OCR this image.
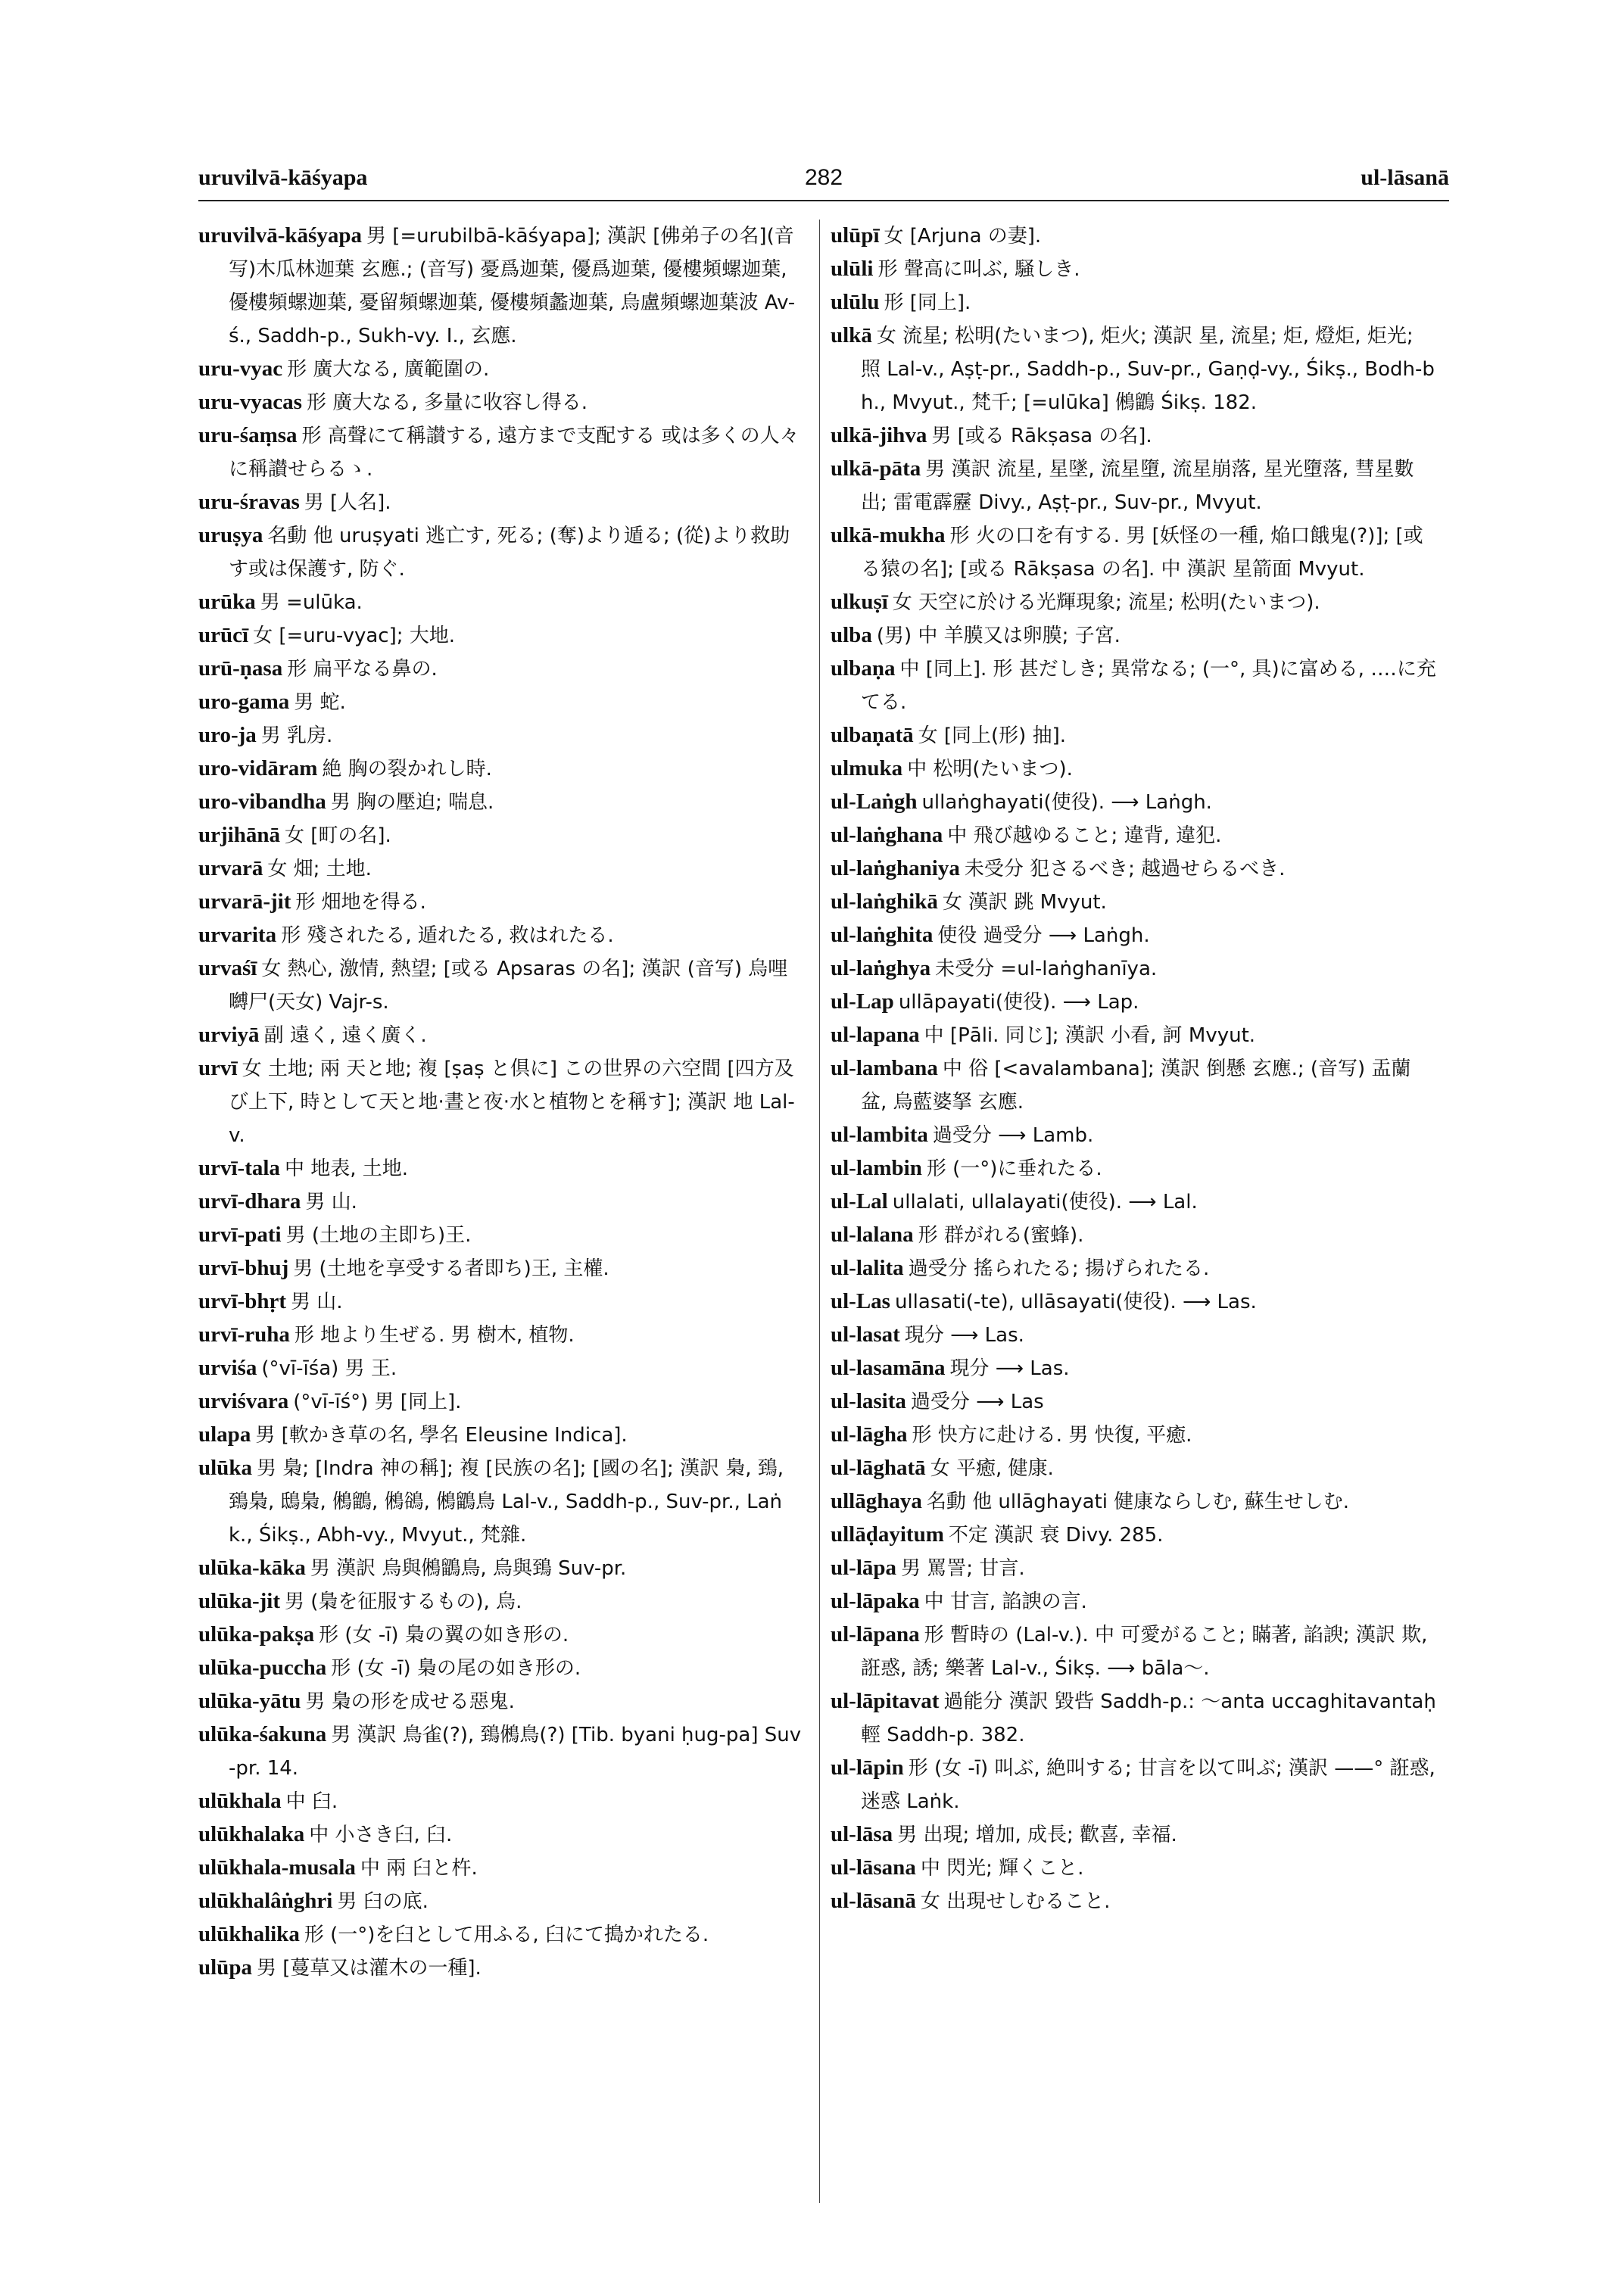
uruvilvā-kāśyapa	282	ul-lāsanā

uruvilvā-kāśyapa 男 [=urubilbā-kāśyapa]; 漢訳 [佛弟子の名](音写)木瓜林迦葉 玄應.; (音写) 憂爲迦葉, 優爲迦葉, 優樓頻螺迦葉, 優樓頻螺迦葉, 憂留頻螺迦葉, 優樓頻蠡迦葉, 烏盧頻螺迦葉波 Av-ś., Saddh-p., Sukh-vy. I., 玄應.

uru-vyac 形 廣大なる, 廣範圍の.

uru-vyacas 形 廣大なる, 多量に收容し得る.

uru-śaṃsa 形 高聲にて稱讃する, 遠方まで支配する 或は多くの人々に稱讃せらるゝ.

uru-śravas 男 [人名].

uruṣya 名動 他 uruṣyati 逃亡す, 死る; (奪)より遁る; (從)より救助す或は保護す, 防ぐ.

urūka 男 =ulūka.

urūcī 女 [=uru-vyac]; 大地.

urū-ṇasa 形 扁平なる鼻の.

uro-gama 男 蛇.

uro-ja 男 乳房.

uro-vidāram 絶 胸の裂かれし時.

uro-vibandha 男 胸の壓迫; 喘息.

urjihānā 女 [町の名].

urvarā 女 畑; 土地.

urvarā-jit 形 畑地を得る.

urvarita 形 殘されたる, 遁れたる, 救はれたる.

urvaśī 女 熱心, 激情, 熱望; [或る Apsaras の名]; 漢訳 (音写) 烏哩嚩尸(天女) Vajr-s.

urviyā 副 遠く, 遠く廣く.

urvī 女 土地; 兩 天と地; 複 [ṣaṣ と倶に] この世界の六空間 [四方及び上下, 時として天と地·晝と夜·水と植物とを稱す]; 漢訳 地 Lal-v.

urvī-tala 中 地表, 土地.

urvī-dhara 男 山.

urvī-pati 男 (土地の主即ち)王.

urvī-bhuj 男 (土地を享受する者即ち)王, 主權.

urvī-bhṛt 男 山.

urvī-ruha 形 地より生ぜる. 男 樹木, 植物.

urviśa (°vī-īśa) 男 王.

urviśvara (°vī-īś°) 男 [同上].

ulapa 男 [軟かき草の名, 學名 Eleusine Indica].

ulūka 男 梟; [Indra 神の稱]; 複 [民族の名]; [國の名]; 漢訳 梟, 鵄, 鵄梟, 鴟梟, 鵂鶹, 鵂鵒, 鵂鶹鳥 Lal-v., Saddh-p., Suv-pr., Laṅk., Śikṣ., Abh-vy., Mvyut., 梵雜.

ulūka-kāka 男 漢訳 烏與鵂鶹鳥, 烏與鵄 Suv-pr.

ulūka-jit 男 (梟を征服するもの), 烏.

ulūka-pakṣa 形 (女 -ī) 梟の翼の如き形の.

ulūka-puccha 形 (女 -ī) 梟の尾の如き形の.

ulūka-yātu 男 梟の形を成せる惡鬼.

ulūka-śakuna 男 漢訳 鳥雀(?), 鵄鵂鳥(?) [Tib. byani ḥug-pa] Suv-pr. 14.

ulūkhala 中 臼.

ulūkhalaka 中 小さき臼, 臼.

ulūkhala-musala 中 兩 臼と杵.

ulūkhalâṅghri 男 臼の底.

ulūkhalika 形 (一°)を臼として用ふる, 臼にて搗かれたる.

ulūpa 男 [蔓草又は灌木の一種].

ulūpī 女 [Arjuna の妻].

ulūli 形 聲高に叫ぶ, 騒しき.

ulūlu 形 [同上].

ulkā 女 流星; 松明(たいまつ), 炬火; 漢訳 星, 流星; 炬, 燈炬, 炬光; 照 Lal-v., Aṣṭ-pr., Saddh-p., Suv-pr., Gaṇḍ-vy., Śikṣ., Bodh-bh., Mvyut., 梵千; [=ulūka] 鵂鶹 Śikṣ. 182.

ulkā-jihva 男 [或る Rākṣasa の名].

ulkā-pāta 男 漢訳 流星, 星墜, 流星墮, 流星崩落, 星光墮落, 彗星數出; 雷電霹靂 Divy., Aṣṭ-pr., Suv-pr., Mvyut.

ulkā-mukha 形 火の口を有する. 男 [妖怪の一種, 焔口餓鬼(?)]; [或る猿の名]; [或る Rākṣasa の名]. 中 漢訳 星箭面 Mvyut.

ulkuṣī 女 天空に於ける光輝現象; 流星; 松明(たいまつ).

ulba (男) 中 羊膜又は卵膜; 子宮.

ulbaṇa 中 [同上]. 形 甚だしき; 異常なる; (一°, 具)に富める, ‥‥に充てる.

ulbaṇatā 女 [同上(形) 抽].

ulmuka 中 松明(たいまつ).

ul-Laṅgh ullaṅghayati(使役). ⟶ Laṅgh.

ul-laṅghana 中 飛び越ゆること; 違背, 違犯.

ul-laṅghaniya 未受分 犯さるべき; 越過せらるべき.

ul-laṅghikā 女 漢訳 跳 Mvyut.

ul-laṅghita 使役 過受分 ⟶ Laṅgh.

ul-laṅghya 未受分 =ul-laṅghanīya.

ul-Lap ullāpayati(使役). ⟶ Lap.

ul-lapana 中 [Pāli. 同じ]; 漢訳 小看, 訶 Mvyut.

ul-lambana 中 俗 [<avalambana]; 漢訳 倒懸 玄應.; (音写) 盂蘭盆, 烏藍婆拏 玄應.

ul-lambita 過受分 ⟶ Lamb.

ul-lambin 形 (一°)に垂れたる.

ul-Lal ullalati, ullalayati(使役). ⟶ Lal.

ul-lalana 形 群がれる(蜜蜂).

ul-lalita 過受分 搖られたる; 揚げられたる.

ul-Las ullasati(-te), ullāsayati(使役). ⟶ Las.

ul-lasat 現分 ⟶ Las.

ul-lasamāna 現分 ⟶ Las.

ul-lasita 過受分 ⟶ Las

ul-lāgha 形 快方に赴ける. 男 快復, 平癒.

ul-lāghatā 女 平癒, 健康.

ullāghaya 名動 他 ullāghayati 健康ならしむ, 蘇生せしむ.

ullāḍayitum 不定 漢訳 衰 Divy. 285.

ul-lāpa 男 罵詈; 甘言.

ul-lāpaka 中 甘言, 諂諛の言.

ul-lāpana 形 暫時の (Lal-v.). 中 可愛がること; 瞞著, 諂諛; 漢訳 欺, 誑惑, 誘; 樂著 Lal-v., Śikṣ. ⟶ bāla〜.

ul-lāpitavat 過能分 漢訳 毀呰 Saddh-p.: 〜anta uccaghitavantaḥ 輕 Saddh-p. 382.

ul-lāpin 形 (女 -ī) 叫ぶ, 絶叫する; 甘言を以て叫ぶ; 漢訳 ——° 誑惑, 迷惑 Laṅk.

ul-lāsa 男 出現; 增加, 成長; 歡喜, 幸福.

ul-lāsana 中 閃光; 輝くこと.

ul-lāsanā 女 出現せしむること.
